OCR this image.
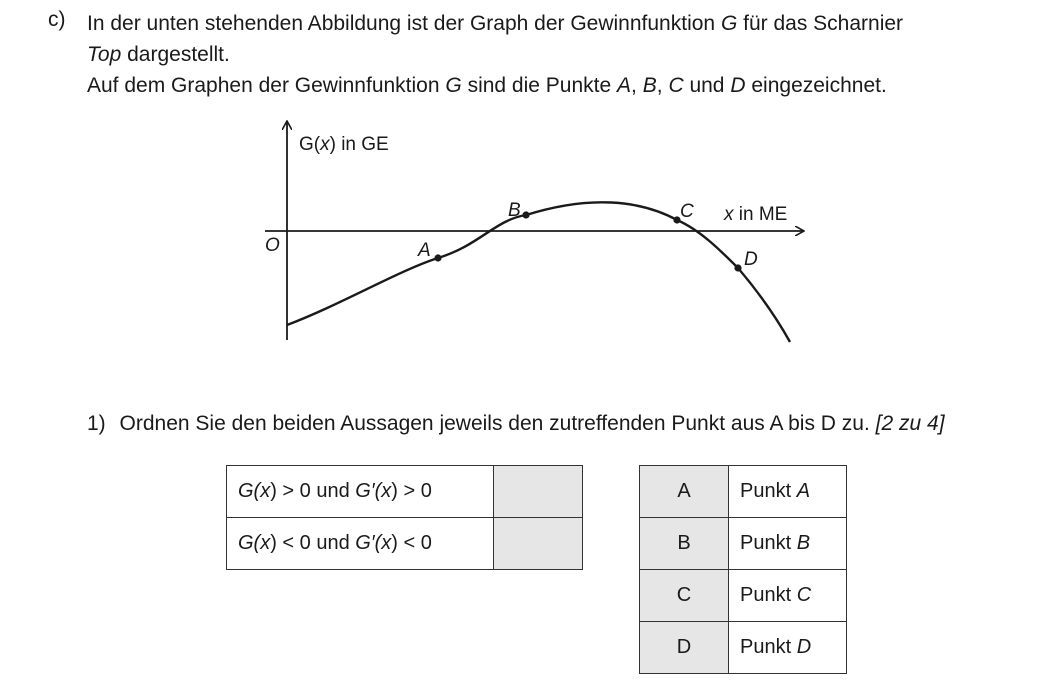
c) In der unten stehenden Abbildung ist der Graph der Gewinnfunktion G für das Scharnier

Top dargestellt.

Auf dem Graphen der Gewinnfunktion G sind die Punkte A, B, C und D eingezeichnet.

G(x) in GE
x in ME
O	A
B	C
D
1) Ordnen Sie den beiden Aussagen jeweils den zutreffenden Punkt aus A bis D zu. [2 zu 4]
G(x) > 0 und G′(x) > 0	
G(x) < 0 und G′(x) < 0	
A	Punkt A
B	Punkt B
C	Punkt C
D	Punkt D
